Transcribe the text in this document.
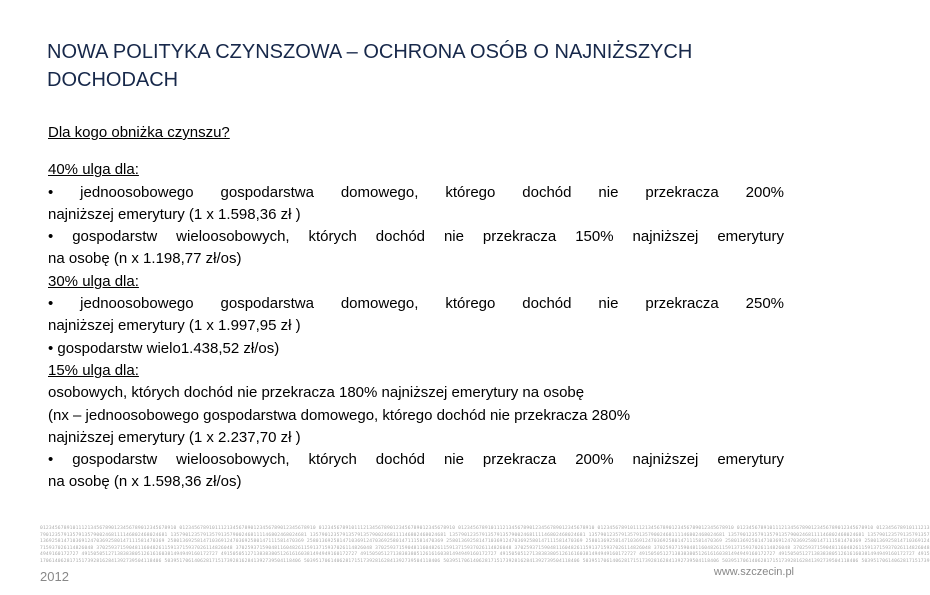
NOWA POLITYKA CZYNSZOWA – OCHRONA OSÓB O NAJNIŻSZYCH DOCHODACH
Dla kogo obniżka czynszu?
40% ulga dla:
• jednoosobowego gospodarstwa domowego, którego dochód nie przekracza 200%
najniższej emerytury (1 x 1.598,36 zł )
• gospodarstw wieloosobowych, których dochód nie przekracza 150% najniższej emerytury
na osobę (n x 1.198,77 zł/os)
30% ulga dla:
• jednoosobowego gospodarstwa domowego, którego dochód nie przekracza 250%
najniższej emerytury (1 x 1.997,95 zł )
• gospodarstw wielo1.438,52 zł/os)
15% ulga dla:
osobowych, których dochód nie przekracza 180% najniższej emerytury na osobę
(nx – jednoosobowego gospodarstwa domowego, którego dochód nie przekracza 280%
najniższej emerytury (1 x 2.237,70 zł )
• gospodarstw wieloosobowych, których dochód nie przekracza 200% najniższej emerytury
na osobę (n x 1.598,36 zł/os)
0123456789101112134567890123456789012345678910 0123456789101112134567890123456789012345678910 0123456789101112134567890123456789012345678910 0123456789101112134567890123456789012345678910 0123456789101112134567890123456789012345678910 0123456789101112134567890123456789012345678910 012345678910111213
7901235791357913579002468111146802468024681 1357901235791357913579002468111146802468024681 1357901235791357913579002468111146802468024681 1357901235791357913579002468111146802468024681 1357901235791357913579002468111146802468024681 1357901235791357913579002468111146802468024681 135790123579135791357
136925814710369124703692580147111581470369 2580136925814710369124703692580147111581470369 2580136925814710369124703692580147111581470369 2580136925814710369124703692580147111581470369 2580136925814710369124703692580147111581470369 2580136925814710369124703692580147111581470369 2580136925814710369124
715937026114826048 3702593715904811604826115913715937026114826048 3702593715904811604826115913715937026114826048 3702593715904811604826115913715937026114826048 3702593715904811604826115913715937026114826048 3702593715904811604826115913715937026114826048 3702593715904811604826115913715937026114826048
4949160172727 4915050512713838380512616160381494949160172727 4915050512713838380512616160381494949160172727 4915050512713838380512616160381494949160172727 4915050512713838380512616160381494949160172727 4915050512713838380512616160381494949160172727 4915050512713838380512616160381494949160172727 4915
17061406281715173928162841392739504118406 5039517061406281715173928162841392739504118406 5039517061406281715173928162841392739504118406 5039517061406281715173928162841392739504118406 5039517061406281715173928162841392739504118406 5039517061406281715173928162841392739504118406 50395170614062817151739
2012	www.szczecin.pl
